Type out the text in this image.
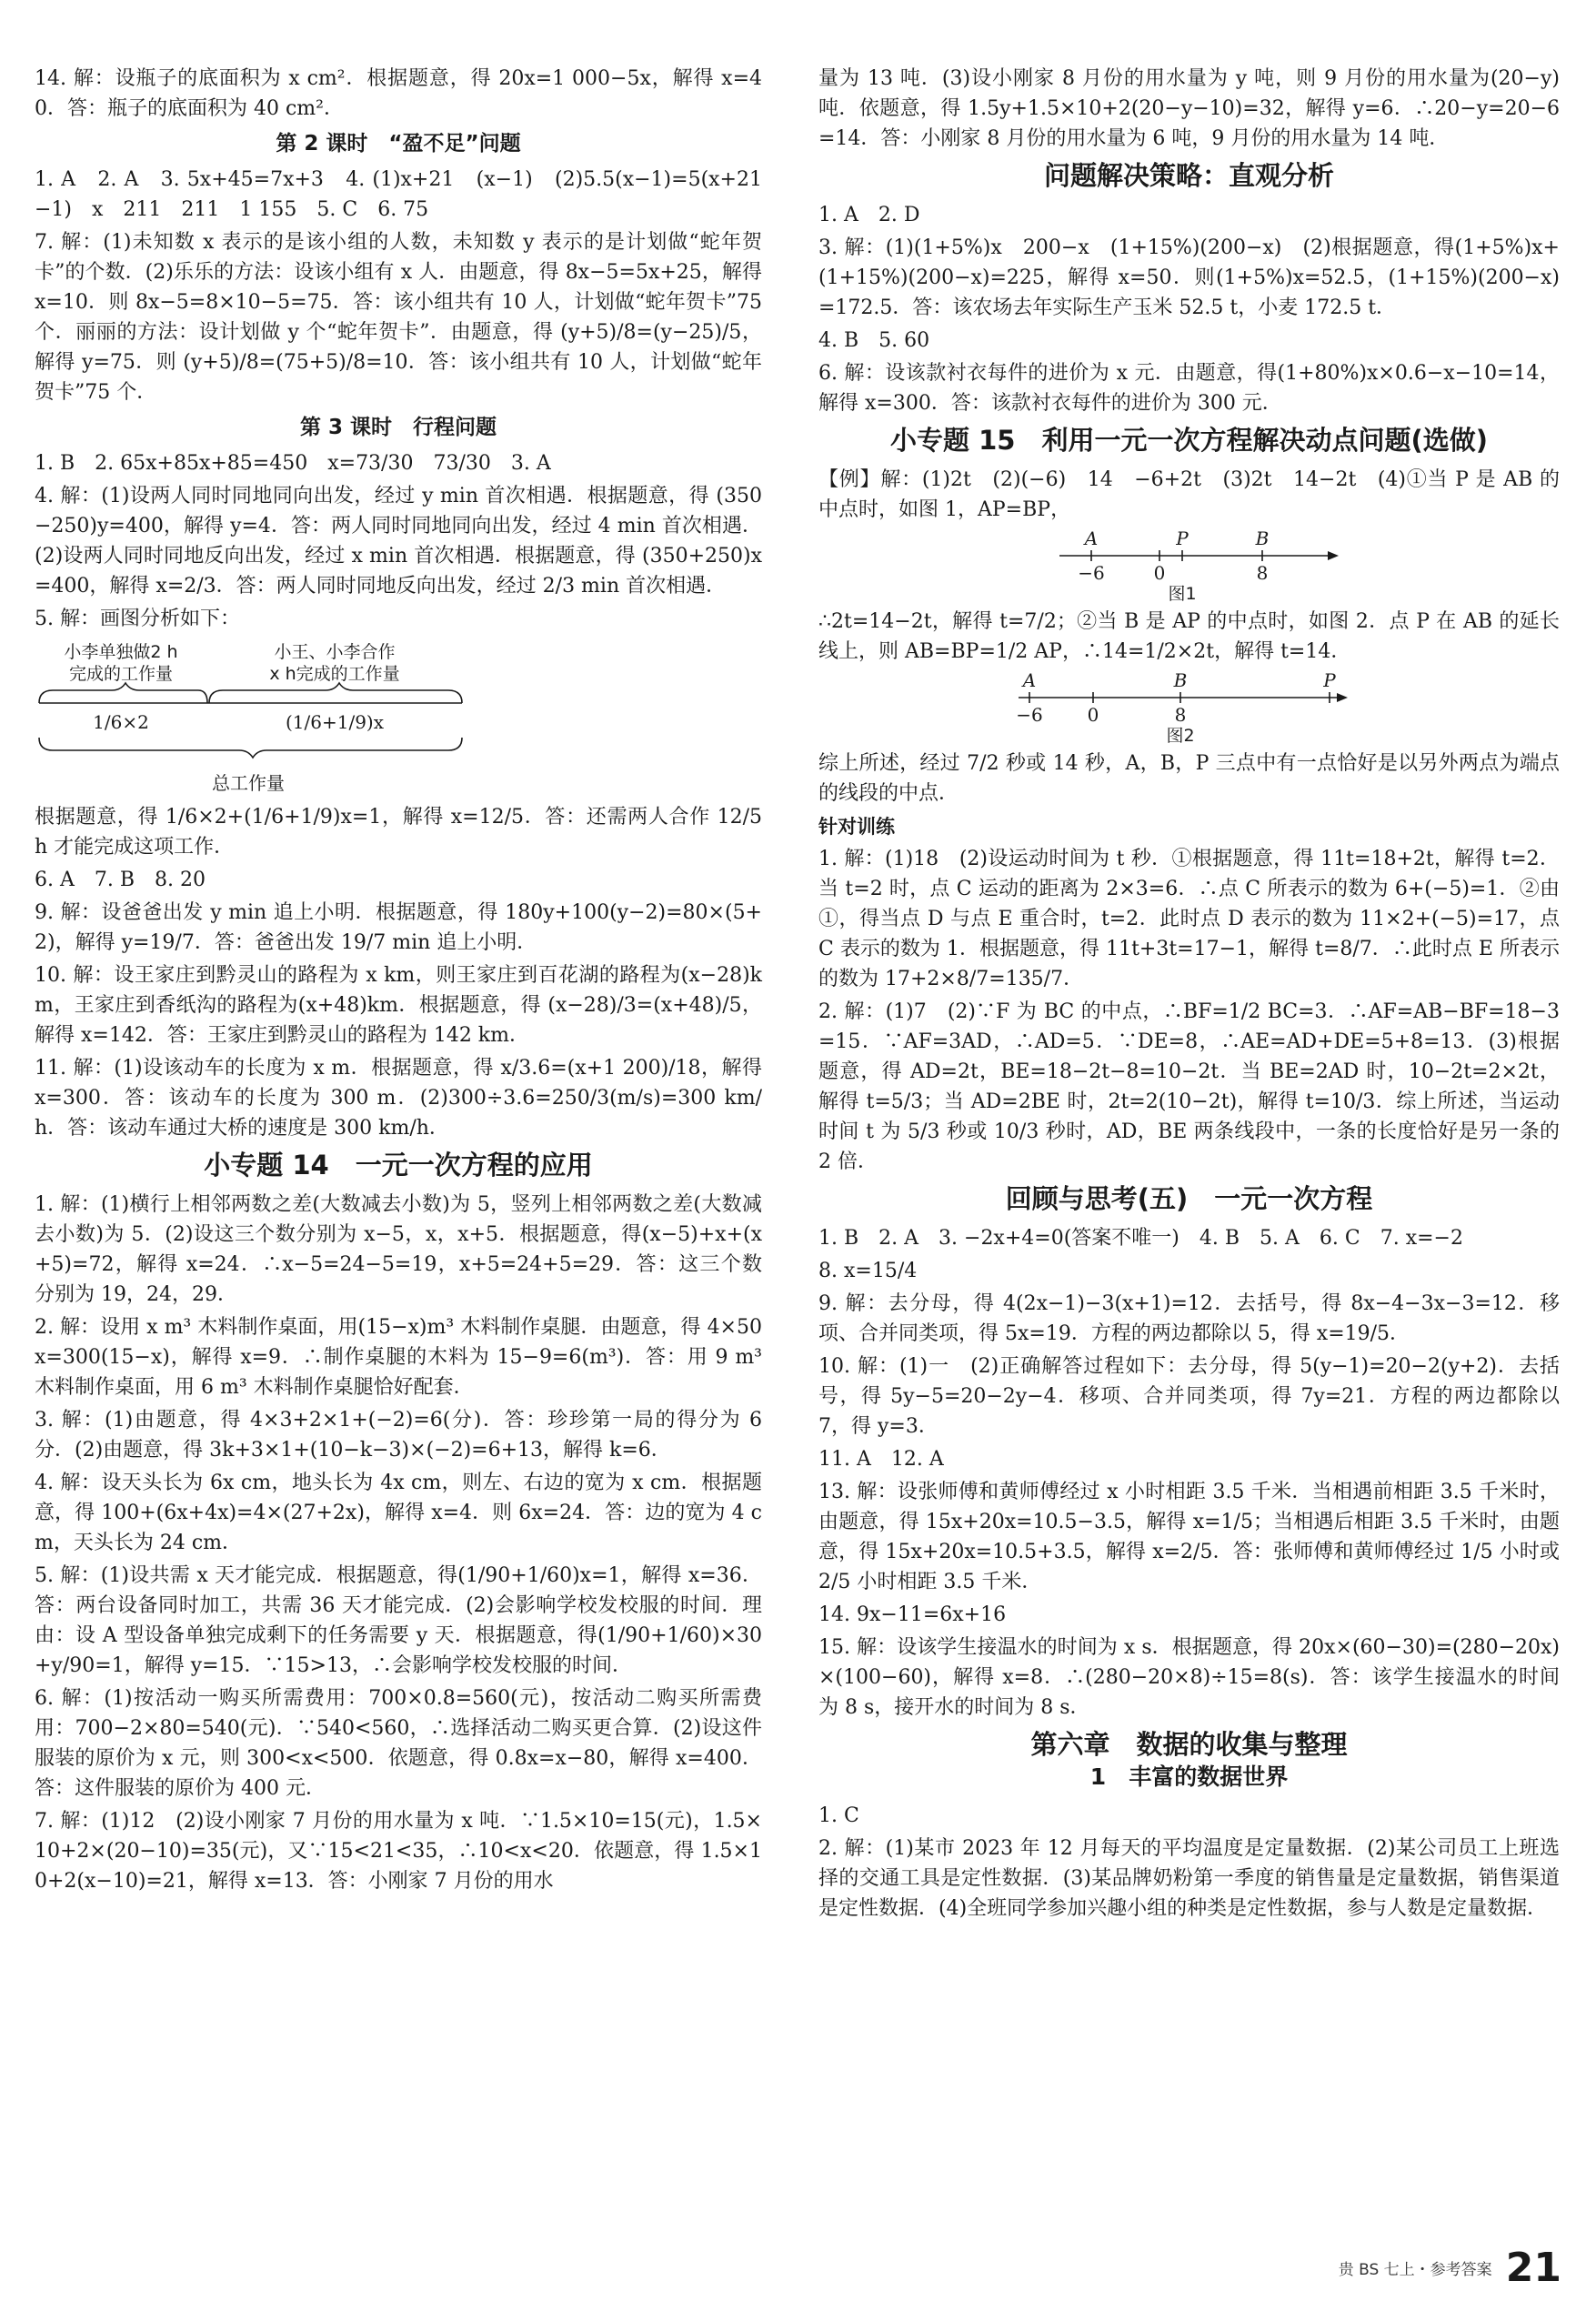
14. 解：设瓶子的底面积为 x cm²．根据题意，得 20x=1 000−5x，解得 x=40．答：瓶子的底面积为 40 cm²．

第 2 课时　“盈不足”问题

1. A　2. A　3. 5x+45=7x+3　4. (1)x+21　(x−1)　(2)5.5(x−1)=5(x+21−1)　x　211　211　1 155　5. C　6. 75

7. 解：(1)未知数 x 表示的是该小组的人数，未知数 y 表示的是计划做“蛇年贺卡”的个数．(2)乐乐的方法：设该小组有 x 人．由题意，得 8x−5=5x+25，解得 x=10．则 8x−5=8×10−5=75．答：该小组共有 10 人，计划做“蛇年贺卡”75 个．丽丽的方法：设计划做 y 个“蛇年贺卡”．由题意，得 (y+5)/8=(y−25)/5，解得 y=75．则 (y+5)/8=(75+5)/8=10．答：该小组共有 10 人，计划做“蛇年贺卡”75 个．

第 3 课时　行程问题

1. B　2. 65x+85x+85=450　x=73/30　73/30　3. A

4. 解：(1)设两人同时同地同向出发，经过 y min 首次相遇．根据题意，得 (350−250)y=400，解得 y=4．答：两人同时同地同向出发，经过 4 min 首次相遇．(2)设两人同时同地反向出发，经过 x min 首次相遇．根据题意，得 (350+250)x=400，解得 x=2/3．答：两人同时同地反向出发，经过 2/3 min 首次相遇．

5. 解：画图分析如下：

小李单独做2 h
完成的工作量
小王、小李合作
x h完成的工作量
1/6×2	(1/6+1/9)x
总工作量

根据题意，得 1/6×2+(1/6+1/9)x=1，解得 x=12/5．答：还需两人合作 12/5 h 才能完成这项工作．

6. A　7. B　8. 20

9. 解：设爸爸出发 y min 追上小明．根据题意，得 180y+100(y−2)=80×(5+2)，解得 y=19/7．答：爸爸出发 19/7 min 追上小明．

10. 解：设王家庄到黔灵山的路程为 x km，则王家庄到百花湖的路程为(x−28)km，王家庄到香纸沟的路程为(x+48)km．根据题意，得 (x−28)/3=(x+48)/5，解得 x=142．答：王家庄到黔灵山的路程为 142 km．

11. 解：(1)设该动车的长度为 x m．根据题意，得 x/3.6=(x+1 200)/18，解得 x=300．答：该动车的长度为 300 m．(2)300÷3.6=250/3(m/s)=300 km/h．答：该动车通过大桥的速度是 300 km/h．

小专题 14　一元一次方程的应用

1. 解：(1)横行上相邻两数之差(大数减去小数)为 5，竖列上相邻两数之差(大数减去小数)为 5．(2)设这三个数分别为 x−5，x，x+5．根据题意，得(x−5)+x+(x+5)=72，解得 x=24．∴x−5=24−5=19，x+5=24+5=29．答：这三个数分别为 19，24，29．

2. 解：设用 x m³ 木料制作桌面，用(15−x)m³ 木料制作桌腿．由题意，得 4×50x=300(15−x)，解得 x=9．∴制作桌腿的木料为 15−9=6(m³)．答：用 9 m³ 木料制作桌面，用 6 m³ 木料制作桌腿恰好配套．

3. 解：(1)由题意，得 4×3+2×1+(−2)=6(分)．答：珍珍第一局的得分为 6 分．(2)由题意，得 3k+3×1+(10−k−3)×(−2)=6+13，解得 k=6．

4. 解：设天头长为 6x cm，地头长为 4x cm，则左、右边的宽为 x cm．根据题意，得 100+(6x+4x)=4×(27+2x)，解得 x=4．则 6x=24．答：边的宽为 4 cm，天头长为 24 cm．

5. 解：(1)设共需 x 天才能完成．根据题意，得(1/90+1/60)x=1，解得 x=36．答：两台设备同时加工，共需 36 天才能完成．(2)会影响学校发校服的时间．理由：设 A 型设备单独完成剩下的任务需要 y 天．根据题意，得(1/90+1/60)×30+y/90=1，解得 y=15．∵15>13，∴会影响学校发校服的时间．

6. 解：(1)按活动一购买所需费用：700×0.8=560(元)，按活动二购买所需费用：700−2×80=540(元)．∵540<560，∴选择活动二购买更合算．(2)设这件服装的原价为 x 元，则 300<x<500．依题意，得 0.8x=x−80，解得 x=400．答：这件服装的原价为 400 元．

7. 解：(1)12　(2)设小刚家 7 月份的用水量为 x 吨．∵1.5×10=15(元)，1.5×10+2×(20−10)=35(元)，又∵15<21<35，∴10<x<20．依题意，得 1.5×10+2(x−10)=21，解得 x=13．答：小刚家 7 月份的用水

量为 13 吨．(3)设小刚家 8 月份的用水量为 y 吨，则 9 月份的用水量为(20−y)吨．依题意，得 1.5y+1.5×10+2(20−y−10)=32，解得 y=6．∴20−y=20−6=14．答：小刚家 8 月份的用水量为 6 吨，9 月份的用水量为 14 吨．

问题解决策略：直观分析

1. A　2. D

3. 解：(1)(1+5%)x　200−x　(1+15%)(200−x)　(2)根据题意，得(1+5%)x+(1+15%)(200−x)=225，解得 x=50．则(1+5%)x=52.5，(1+15%)(200−x)=172.5．答：该农场去年实际生产玉米 52.5 t，小麦 172.5 t．

4. B　5. 60

6. 解：设该款衬衣每件的进价为 x 元．由题意，得(1+80%)x×0.6−x−10=14，解得 x=300．答：该款衬衣每件的进价为 300 元．

小专题 15　利用一元一次方程解决动点问题(选做)

【例】解：(1)2t　(2)(−6)　14　−6+2t　(3)2t　14−2t　(4)①当 P 是 AB 的中点时，如图 1，AP=BP，

A	P	B
−6	0	8
图1

∴2t=14−2t，解得 t=7/2；②当 B 是 AP 的中点时，如图 2．点 P 在 AB 的延长线上，则 AB=BP=1/2 AP，∴14=1/2×2t，解得 t=14．

A	B	P
−6 0	8
图2

综上所述，经过 7/2 秒或 14 秒，A，B，P 三点中有一点恰好是以另外两点为端点的线段的中点．

针对训练

1. 解：(1)18　(2)设运动时间为 t 秒．①根据题意，得 11t=18+2t，解得 t=2．当 t=2 时，点 C 运动的距离为 2×3=6．∴点 C 所表示的数为 6+(−5)=1．②由①，得当点 D 与点 E 重合时，t=2．此时点 D 表示的数为 11×2+(−5)=17，点 C 表示的数为 1．根据题意，得 11t+3t=17−1，解得 t=8/7．∴此时点 E 所表示的数为 17+2×8/7=135/7．

2. 解：(1)7　(2)∵F 为 BC 的中点，∴BF=1/2 BC=3．∴AF=AB−BF=18−3=15．∵AF=3AD，∴AD=5．∵DE=8，∴AE=AD+DE=5+8=13．(3)根据题意，得 AD=2t，BE=18−2t−8=10−2t．当 BE=2AD 时，10−2t=2×2t，解得 t=5/3；当 AD=2BE 时，2t=2(10−2t)，解得 t=10/3．综上所述，当运动时间 t 为 5/3 秒或 10/3 秒时，AD，BE 两条线段中，一条的长度恰好是另一条的 2 倍．

回顾与思考(五)　一元一次方程

1. B　2. A　3. −2x+4=0(答案不唯一)　4. B　5. A　6. C　7. x=−2

8. x=15/4

9. 解：去分母，得 4(2x−1)−3(x+1)=12．去括号，得 8x−4−3x−3=12．移项、合并同类项，得 5x=19．方程的两边都除以 5，得 x=19/5．

10. 解：(1)一　(2)正确解答过程如下：去分母，得 5(y−1)=20−2(y+2)．去括号，得 5y−5=20−2y−4．移项、合并同类项，得 7y=21．方程的两边都除以 7，得 y=3．

11. A　12. A

13. 解：设张师傅和黄师傅经过 x 小时相距 3.5 千米．当相遇前相距 3.5 千米时，由题意，得 15x+20x=10.5−3.5，解得 x=1/5；当相遇后相距 3.5 千米时，由题意，得 15x+20x=10.5+3.5，解得 x=2/5．答：张师傅和黄师傅经过 1/5 小时或 2/5 小时相距 3.5 千米．

14. 9x−11=6x+16

15. 解：设该学生接温水的时间为 x s．根据题意，得 20x×(60−30)=(280−20x)×(100−60)，解得 x=8．∴(280−20×8)÷15=8(s)．答：该学生接温水的时间为 8 s，接开水的时间为 8 s．

第六章　数据的收集与整理
1　丰富的数据世界

1. C

2. 解：(1)某市 2023 年 12 月每天的平均温度是定量数据．(2)某公司员工上班选择的交通工具是定性数据．(3)某品牌奶粉第一季度的销售量是定量数据，销售渠道是定性数据．(4)全班同学参加兴趣小组的种类是定性数据，参与人数是定量数据．

贵 BS 七上・参考答案 21
